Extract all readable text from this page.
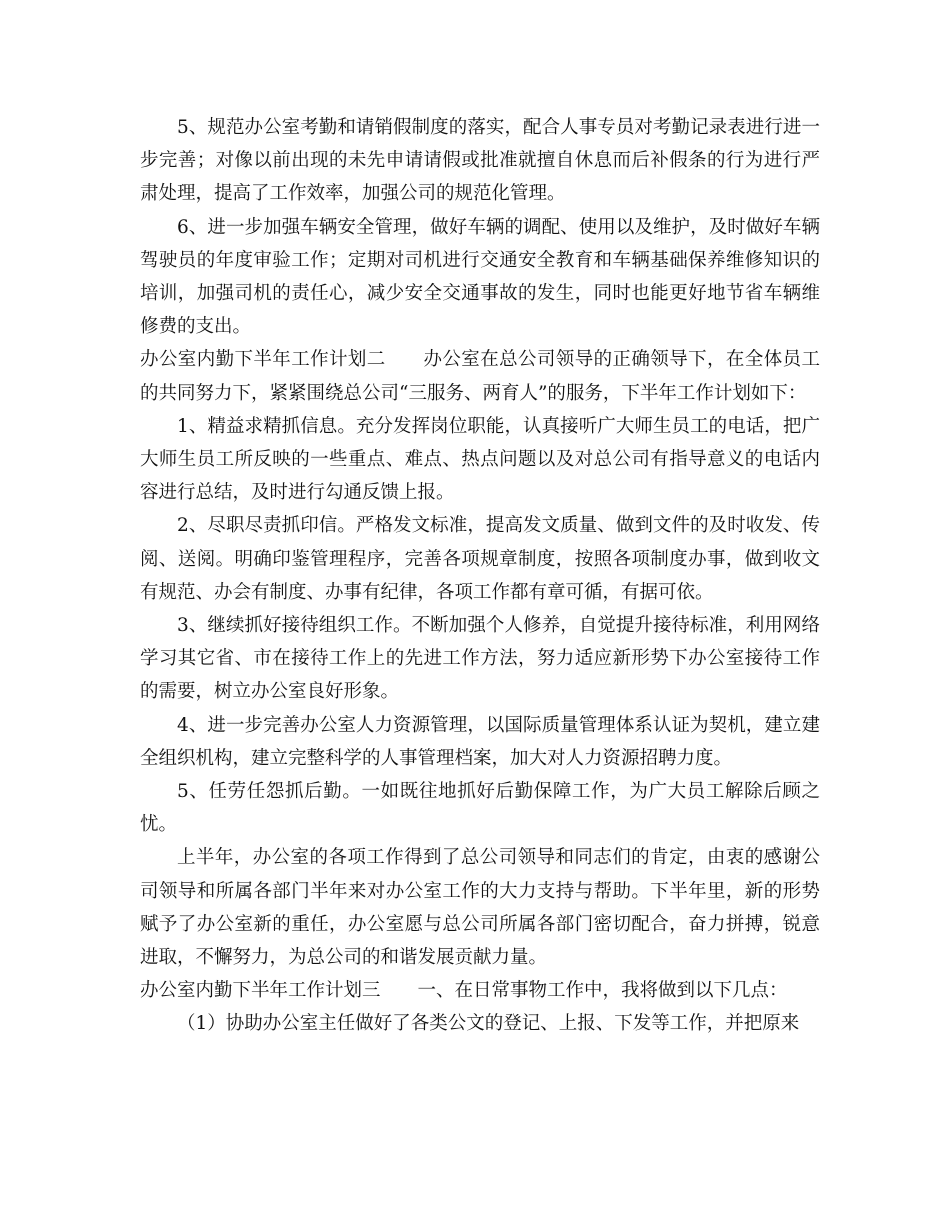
5、规范办公室考勤和请销假制度的落实，配合人事专员对考勤记录表进行进一步完善；对像以前出现的未先申请请假或批准就擅自休息而后补假条的行为进行严肃处理，提高了工作效率，加强公司的规范化管理。

6、进一步加强车辆安全管理，做好车辆的调配、使用以及维护，及时做好车辆驾驶员的年度审验工作；定期对司机进行交通安全教育和车辆基础保养维修知识的培训，加强司机的责任心，减少安全交通事故的发生，同时也能更好地节省车辆维修费的支出。

办公室内勤下半年工作计划二　　办公室在总公司领导的正确领导下，在全体员工的共同努力下，紧紧围绕总公司“三服务、两育人”的服务，下半年工作计划如下：

1、精益求精抓信息。充分发挥岗位职能，认真接听广大师生员工的电话，把广大师生员工所反映的一些重点、难点、热点问题以及对总公司有指导意义的电话内容进行总结，及时进行勾通反馈上报。

2、尽职尽责抓印信。严格发文标准，提高发文质量、做到文件的及时收发、传阅、送阅。明确印鉴管理程序，完善各项规章制度，按照各项制度办事，做到收文有规范、办会有制度、办事有纪律，各项工作都有章可循，有据可依。

3、继续抓好接待组织工作。不断加强个人修养，自觉提升接待标准，利用网络学习其它省、市在接待工作上的先进工作方法，努力适应新形势下办公室接待工作的需要，树立办公室良好形象。

4、进一步完善办公室人力资源管理，以国际质量管理体系认证为契机，建立建全组织机构，建立完整科学的人事管理档案，加大对人力资源招聘力度。

5、任劳任怨抓后勤。一如既往地抓好后勤保障工作，为广大员工解除后顾之忧。

上半年，办公室的各项工作得到了总公司领导和同志们的肯定，由衷的感谢公司领导和所属各部门半年来对办公室工作的大力支持与帮助。下半年里，新的形势赋予了办公室新的重任，办公室愿与总公司所属各部门密切配合，奋力拼搏，锐意进取，不懈努力，为总公司的和谐发展贡献力量。

办公室内勤下半年工作计划三　　一、在日常事物工作中，我将做到以下几点：

（1）协助办公室主任做好了各类公文的登记、上报、下发等工作，并把原来
